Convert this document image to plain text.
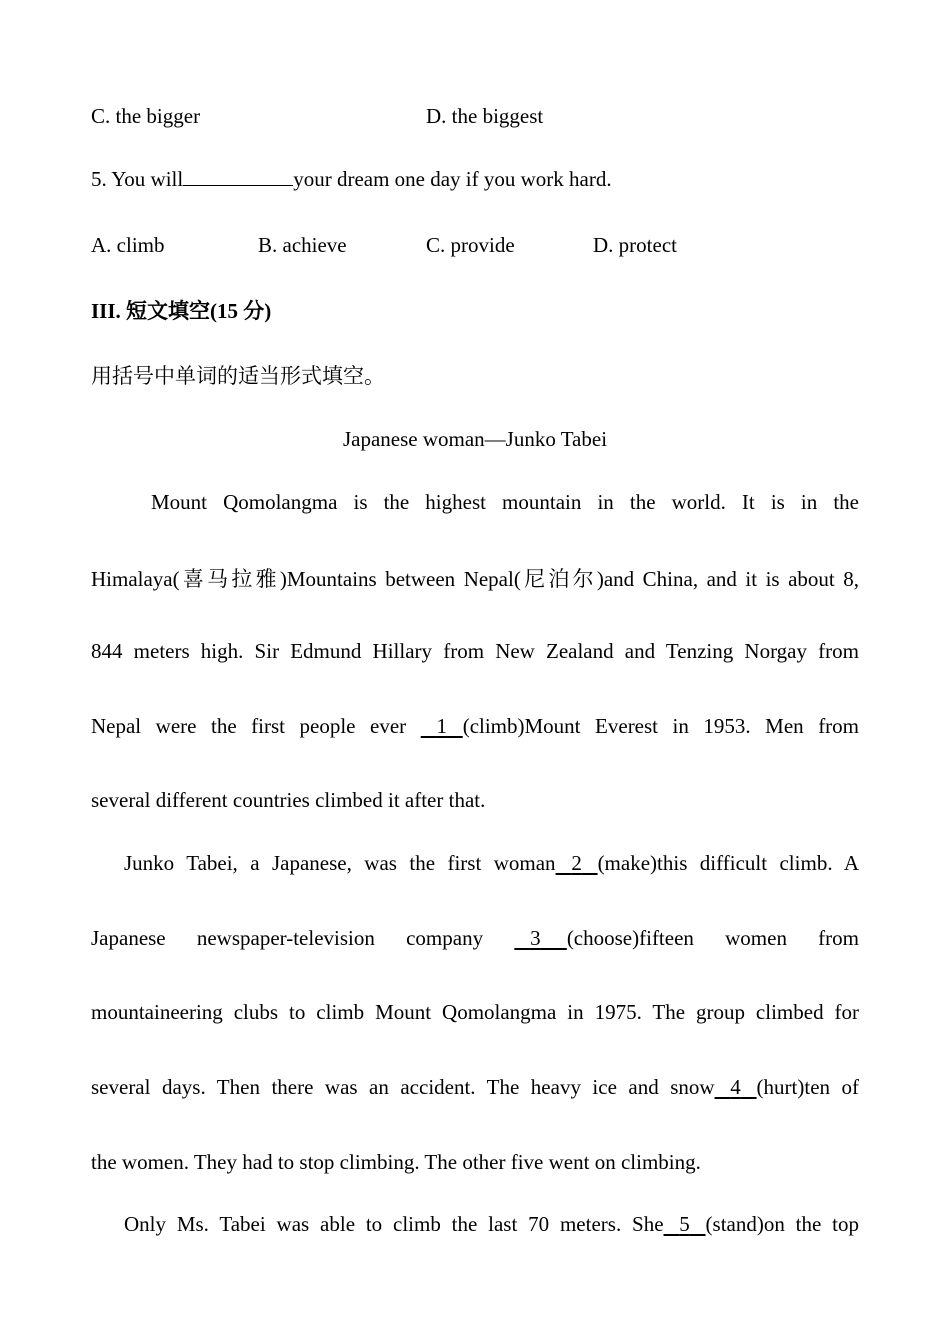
C. the bigger	D. the biggest
5. You will	your dream one day if you work hard.
A. climb	B. achieve	C. provide	D. protect
III. 短文填空(15 分)
用括号中单词的适当形式填空。
Japanese woman—Junko Tabei
Mount Qomolangma is the highest mountain in the world. It is in the
Himalaya(喜马拉雅)Mountains between Nepal(尼泊尔)and China, and it is about 8,
844 meters high. Sir Edmund Hillary from New Zealand and Tenzing Norgay from
Nepal were the first people ever 1 (climb)Mount Everest in 1953. Men from
several different countries climbed it after that.
Junko Tabei, a Japanese, was the first woman 2 (make)this difficult climb. A
Japanese newspaper-television company 3 (choose)fifteen women from
mountaineering clubs to climb Mount Qomolangma in 1975. The group climbed for
several days. Then there was an accident. The heavy ice and snow 4 (hurt)ten of
the women. They had to stop climbing. The other five went on climbing.
Only Ms. Tabei was able to climb the last 70 meters. She 5 (stand)on the top
